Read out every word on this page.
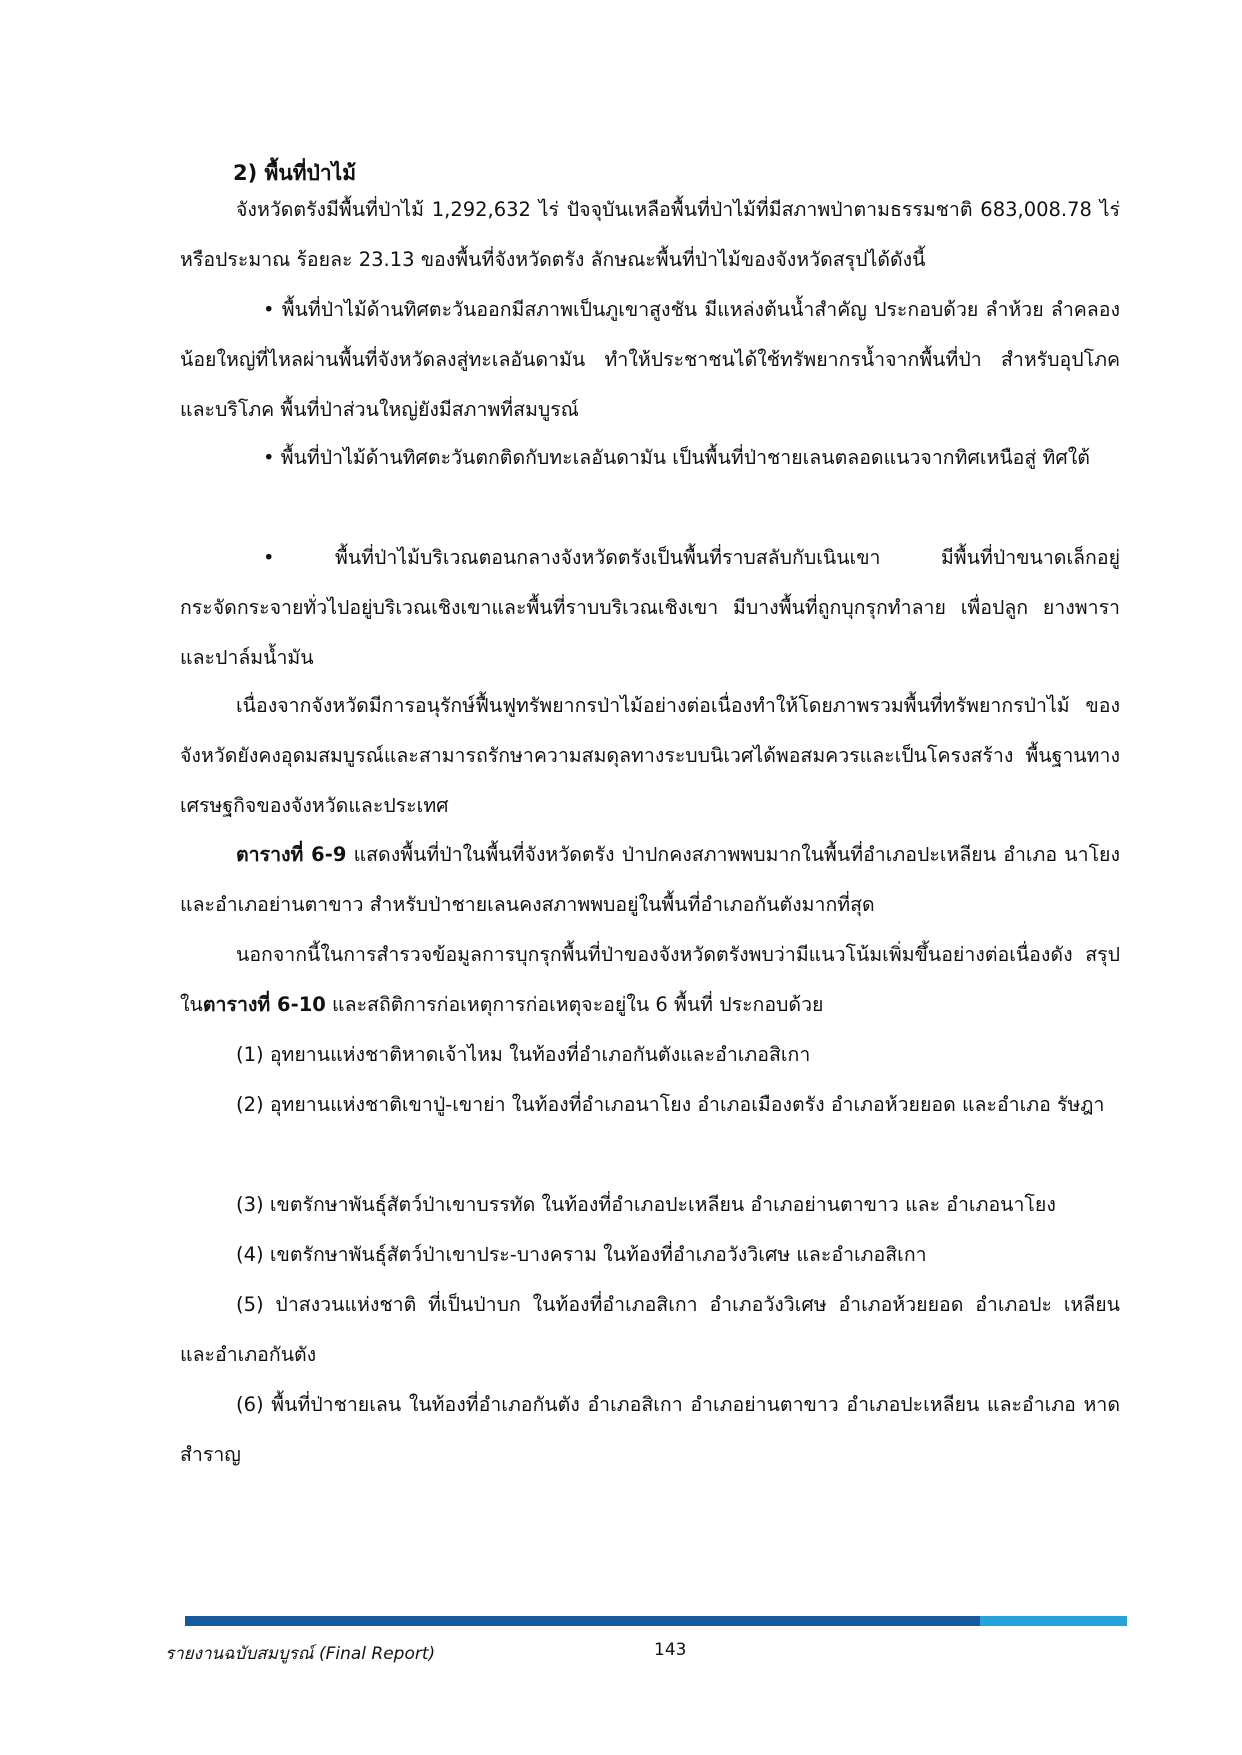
2) พื้นที่ป่าไม้

จังหวัดตรังมีพื้นที่ป่าไม้ 1,292,632 ไร่ ปัจจุบันเหลือพื้นที่ป่าไม้ที่มีสภาพป่าตามธรรมชาติ 683,008.78 ไร่ หรือประมาณ ร้อยละ 23.13 ของพื้นที่จังหวัดตรัง ลักษณะพื้นที่ป่าไม้ของจังหวัดสรุปได้ดังนี้

• พื้นที่ป่าไม้ด้านทิศตะวันออกมีสภาพเป็นภูเขาสูงชัน มีแหล่งต้นน้ำสำคัญ ประกอบด้วย ลำห้วย ลำคลองน้อยใหญ่ที่ไหลผ่านพื้นที่จังหวัดลงสู่ทะเลอันดามัน ทำให้ประชาชนได้ใช้ทรัพยากรน้ำจากพื้นที่ป่า สำหรับอุปโภคและบริโภค พื้นที่ป่าส่วนใหญ่ยังมีสภาพที่สมบูรณ์

• พื้นที่ป่าไม้ด้านทิศตะวันตกติดกับทะเลอันดามัน เป็นพื้นที่ป่าชายเลนตลอดแนวจากทิศเหนือสู่ ทิศใต้

• พื้นที่ป่าไม้บริเวณตอนกลางจังหวัดตรังเป็นพื้นที่ราบสลับกับเนินเขา มีพื้นที่ป่าขนาดเล็กอยู่ กระจัดกระจายทั่วไปอยู่บริเวณเชิงเขาและพื้นที่ราบบริเวณเชิงเขา มีบางพื้นที่ถูกบุกรุกทำลาย เพื่อปลูก ยางพาราและปาล์มน้ำมัน

เนื่องจากจังหวัดมีการอนุรักษ์ฟื้นฟูทรัพยากรป่าไม้อย่างต่อเนื่องทำให้โดยภาพรวมพื้นที่ทรัพยากรป่าไม้ ของจังหวัดยังคงอุดมสมบูรณ์และสามารถรักษาความสมดุลทางระบบนิเวศได้พอสมควรและเป็นโครงสร้าง พื้นฐานทางเศรษฐกิจของจังหวัดและประเทศ

ตารางที่ 6-9 แสดงพื้นที่ป่าในพื้นที่จังหวัดตรัง ป่าปกคงสภาพพบมากในพื้นที่อำเภอปะเหลียน อำเภอ นาโยงและอำเภอย่านตาขาว สำหรับป่าชายเลนคงสภาพพบอยู่ในพื้นที่อำเภอกันตังมากที่สุด

นอกจากนี้ในการสำรวจข้อมูลการบุกรุกพื้นที่ป่าของจังหวัดตรังพบว่ามีแนวโน้มเพิ่มขึ้นอย่างต่อเนื่องดัง สรุปในตารางที่ 6-10 และสถิติการก่อเหตุการก่อเหตุจะอยู่ใน 6 พื้นที่ ประกอบด้วย

(1) อุทยานแห่งชาติหาดเจ้าไหม ในท้องที่อำเภอกันตังและอำเภอสิเกา

(2) อุทยานแห่งชาติเขาปู่-เขาย่า ในท้องที่อำเภอนาโยง อำเภอเมืองตรัง อำเภอห้วยยอด และอำเภอ รัษฎา

(3) เขตรักษาพันธุ์สัตว์ป่าเขาบรรทัด ในท้องที่อำเภอปะเหลียน อำเภอย่านตาขาว และ อำเภอนาโยง

(4) เขตรักษาพันธุ์สัตว์ป่าเขาประ-บางคราม ในท้องที่อำเภอวังวิเศษ และอำเภอสิเกา

(5) ป่าสงวนแห่งชาติ ที่เป็นป่าบก ในท้องที่อำเภอสิเกา อำเภอวังวิเศษ อำเภอห้วยยอด อำเภอปะ เหลียน และอำเภอกันตัง

(6) พื้นที่ป่าชายเลน ในท้องที่อำเภอกันตัง อำเภอสิเกา อำเภอย่านตาขาว อำเภอปะเหลียน และอำเภอ หาดสำราญ

รายงานฉบับสมบูรณ์ (Final Report)	143
